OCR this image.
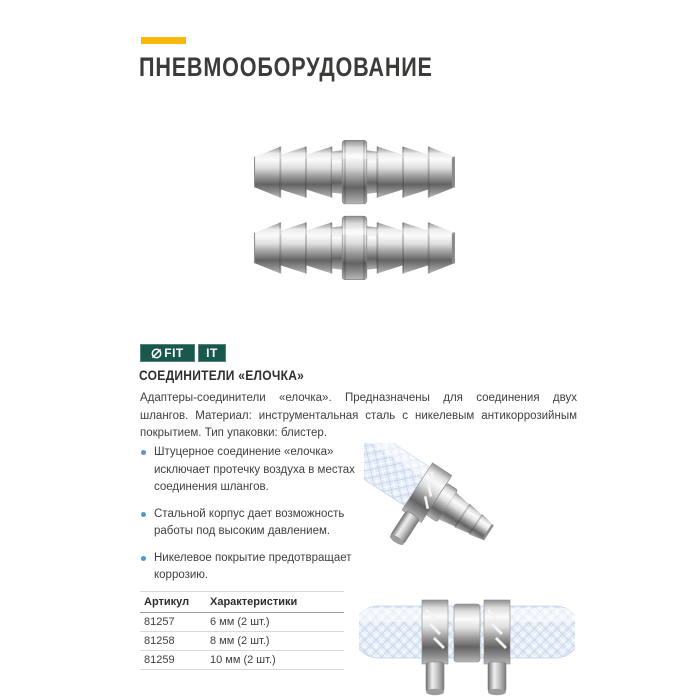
ПНЕВМООБОРУДОВАНИЕ
FIT IT
СОЕДИНИТЕЛИ «ЕЛОЧКА»
Адаптеры-соединители «елочка». Предназначены для соединения двух шлангов. Материал: инструментальная сталь с никелевым антикоррозийным покрытием. Тип упаковки: блистер.
Штуцерное соединение «елочка» исключает протечку воздуха в местах соединения шлангов.
Стальной корпус дает возможность работы под высоким давлением.
Никелевое покрытие предотвращает коррозию.
Артикул	Характеристики
81257	6 мм (2 шт.)
81258	8 мм (2 шт.)
81259	10 мм (2 шт.)
